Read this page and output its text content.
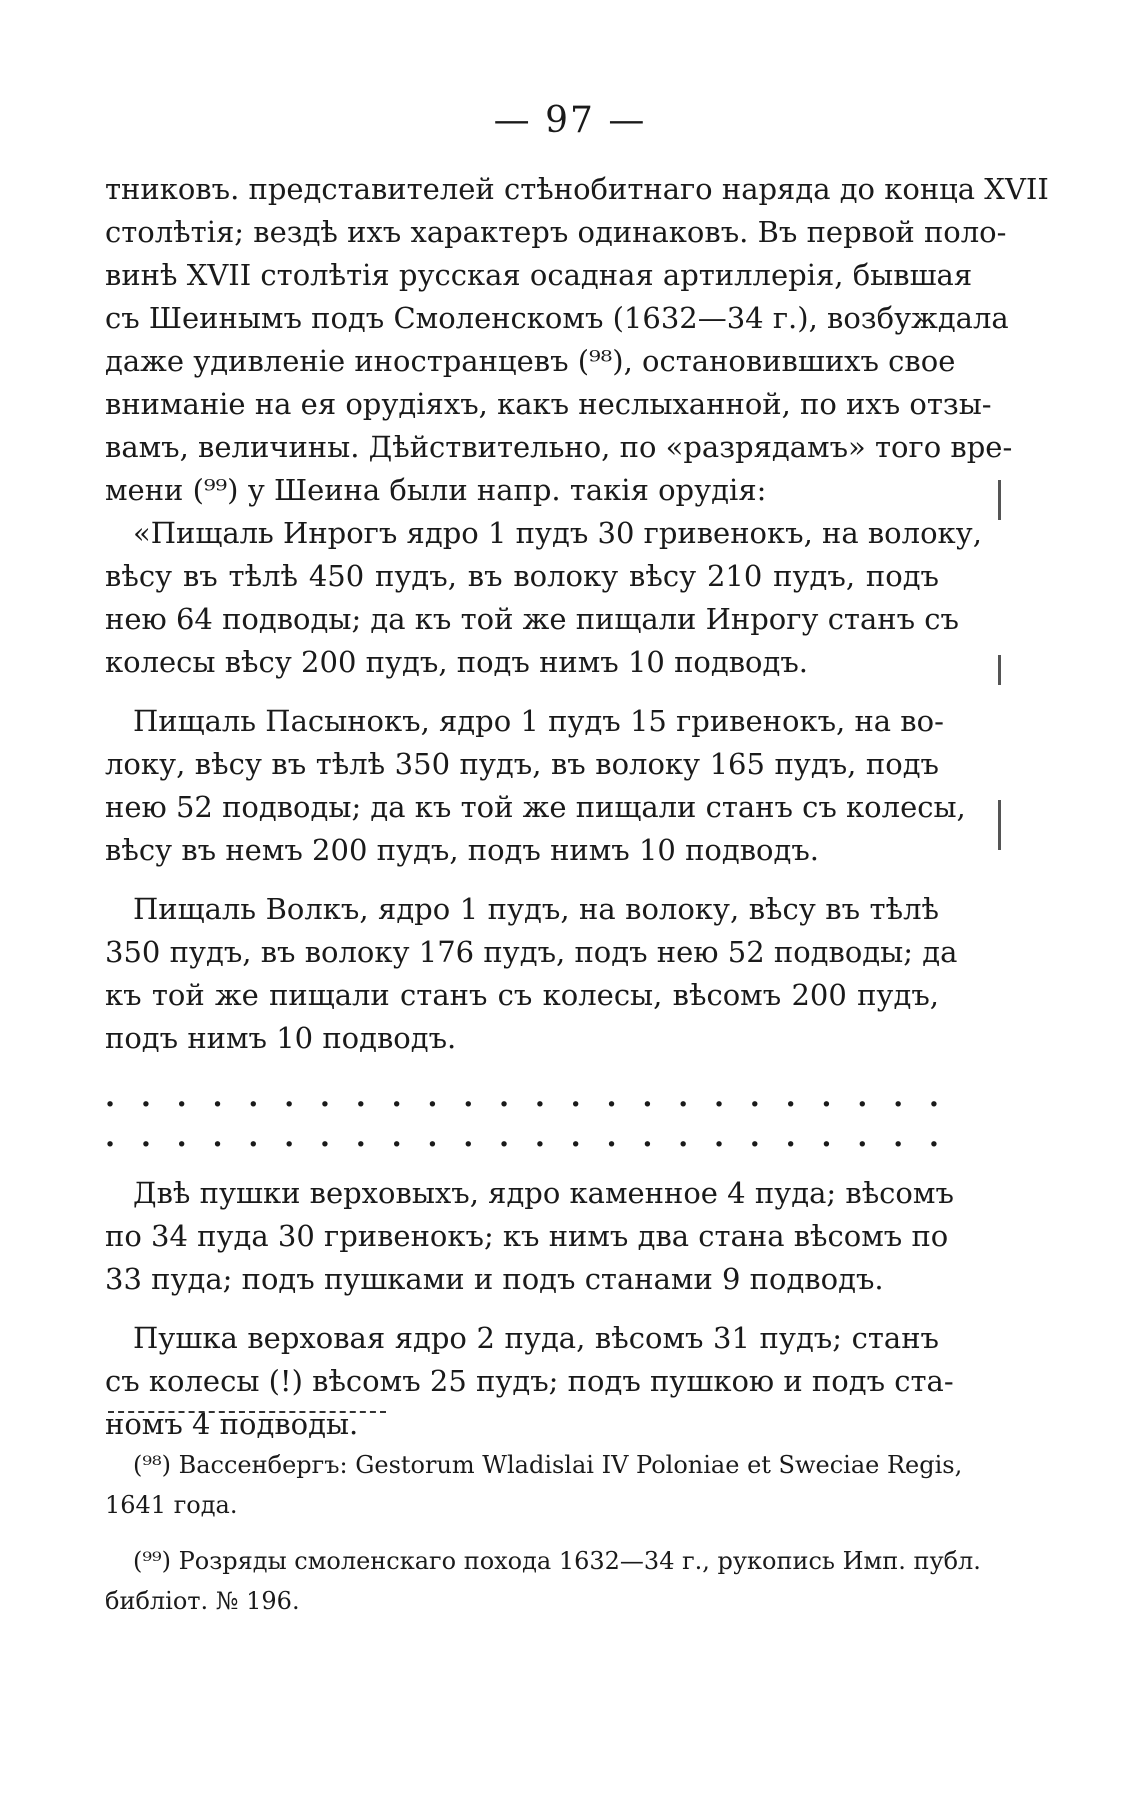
— 97 —
тниковъ. представителей стѣнобитнаго наряда до конца XVII
столѣтія; вездѣ ихъ характеръ одинаковъ. Въ первой поло-
винѣ XVII столѣтія русская осадная артиллерія, бывшая
съ Шеинымъ подъ Смоленскомъ (1632—34 г.), возбуждала
даже удивленіе иностранцевъ (⁹⁸), остановившихъ свое
вниманіе на ея орудіяхъ, какъ неслыханной, по ихъ отзы-
вамъ, величины. Дѣйствительно, по «разрядамъ» того вре-
мени (⁹⁹) у Шеина были напр. такія орудія:
«Пищаль Инрогъ ядро 1 пудъ 30 гривенокъ, на волоку,
вѣсу въ тѣлѣ 450 пудъ, въ волоку вѣсу 210 пудъ, подъ
нею 64 подводы; да къ той же пищали Инрогу станъ съ
колесы вѣсу 200 пудъ, подъ нимъ 10 подводъ.
Пищаль Пасынокъ, ядро 1 пудъ 15 гривенокъ, на во-
локу, вѣсу въ тѣлѣ 350 пудъ, въ волоку 165 пудъ, подъ
нею 52 подводы; да къ той же пищали станъ съ колесы,
вѣсу въ немъ 200 пудъ, подъ нимъ 10 подводъ.
Пищаль Волкъ, ядро 1 пудъ, на волоку, вѣсу въ тѣлѣ
350 пудъ, въ волоку 176 пудъ, подъ нею 52 подводы; да
къ той же пищали станъ съ колесы, вѣсомъ 200 пудъ,
подъ нимъ 10 подводъ.
. . . . . . . . . . . . . . . . . . . . . . . .
. . . . . . . . . . . . . . . . . . . . . . . .
Двѣ пушки верховыхъ, ядро каменное 4 пуда; вѣсомъ
по 34 пуда 30 гривенокъ; къ нимъ два стана вѣсомъ по
33 пуда; подъ пушками и подъ станами 9 подводъ.
Пушка верховая ядро 2 пуда, вѣсомъ 31 пудъ; станъ
съ колесы (!) вѣсомъ 25 пудъ; подъ пушкою и подъ ста-
номъ 4 подводы.
(⁹⁸) Вассенбергъ: Gestorum Wladislai IV Poloniae et Sweciae Regis,
1641 года.
(⁹⁹) Розряды смоленскаго похода 1632—34 г., рукопись Имп. публ.
библіот. № 196.
